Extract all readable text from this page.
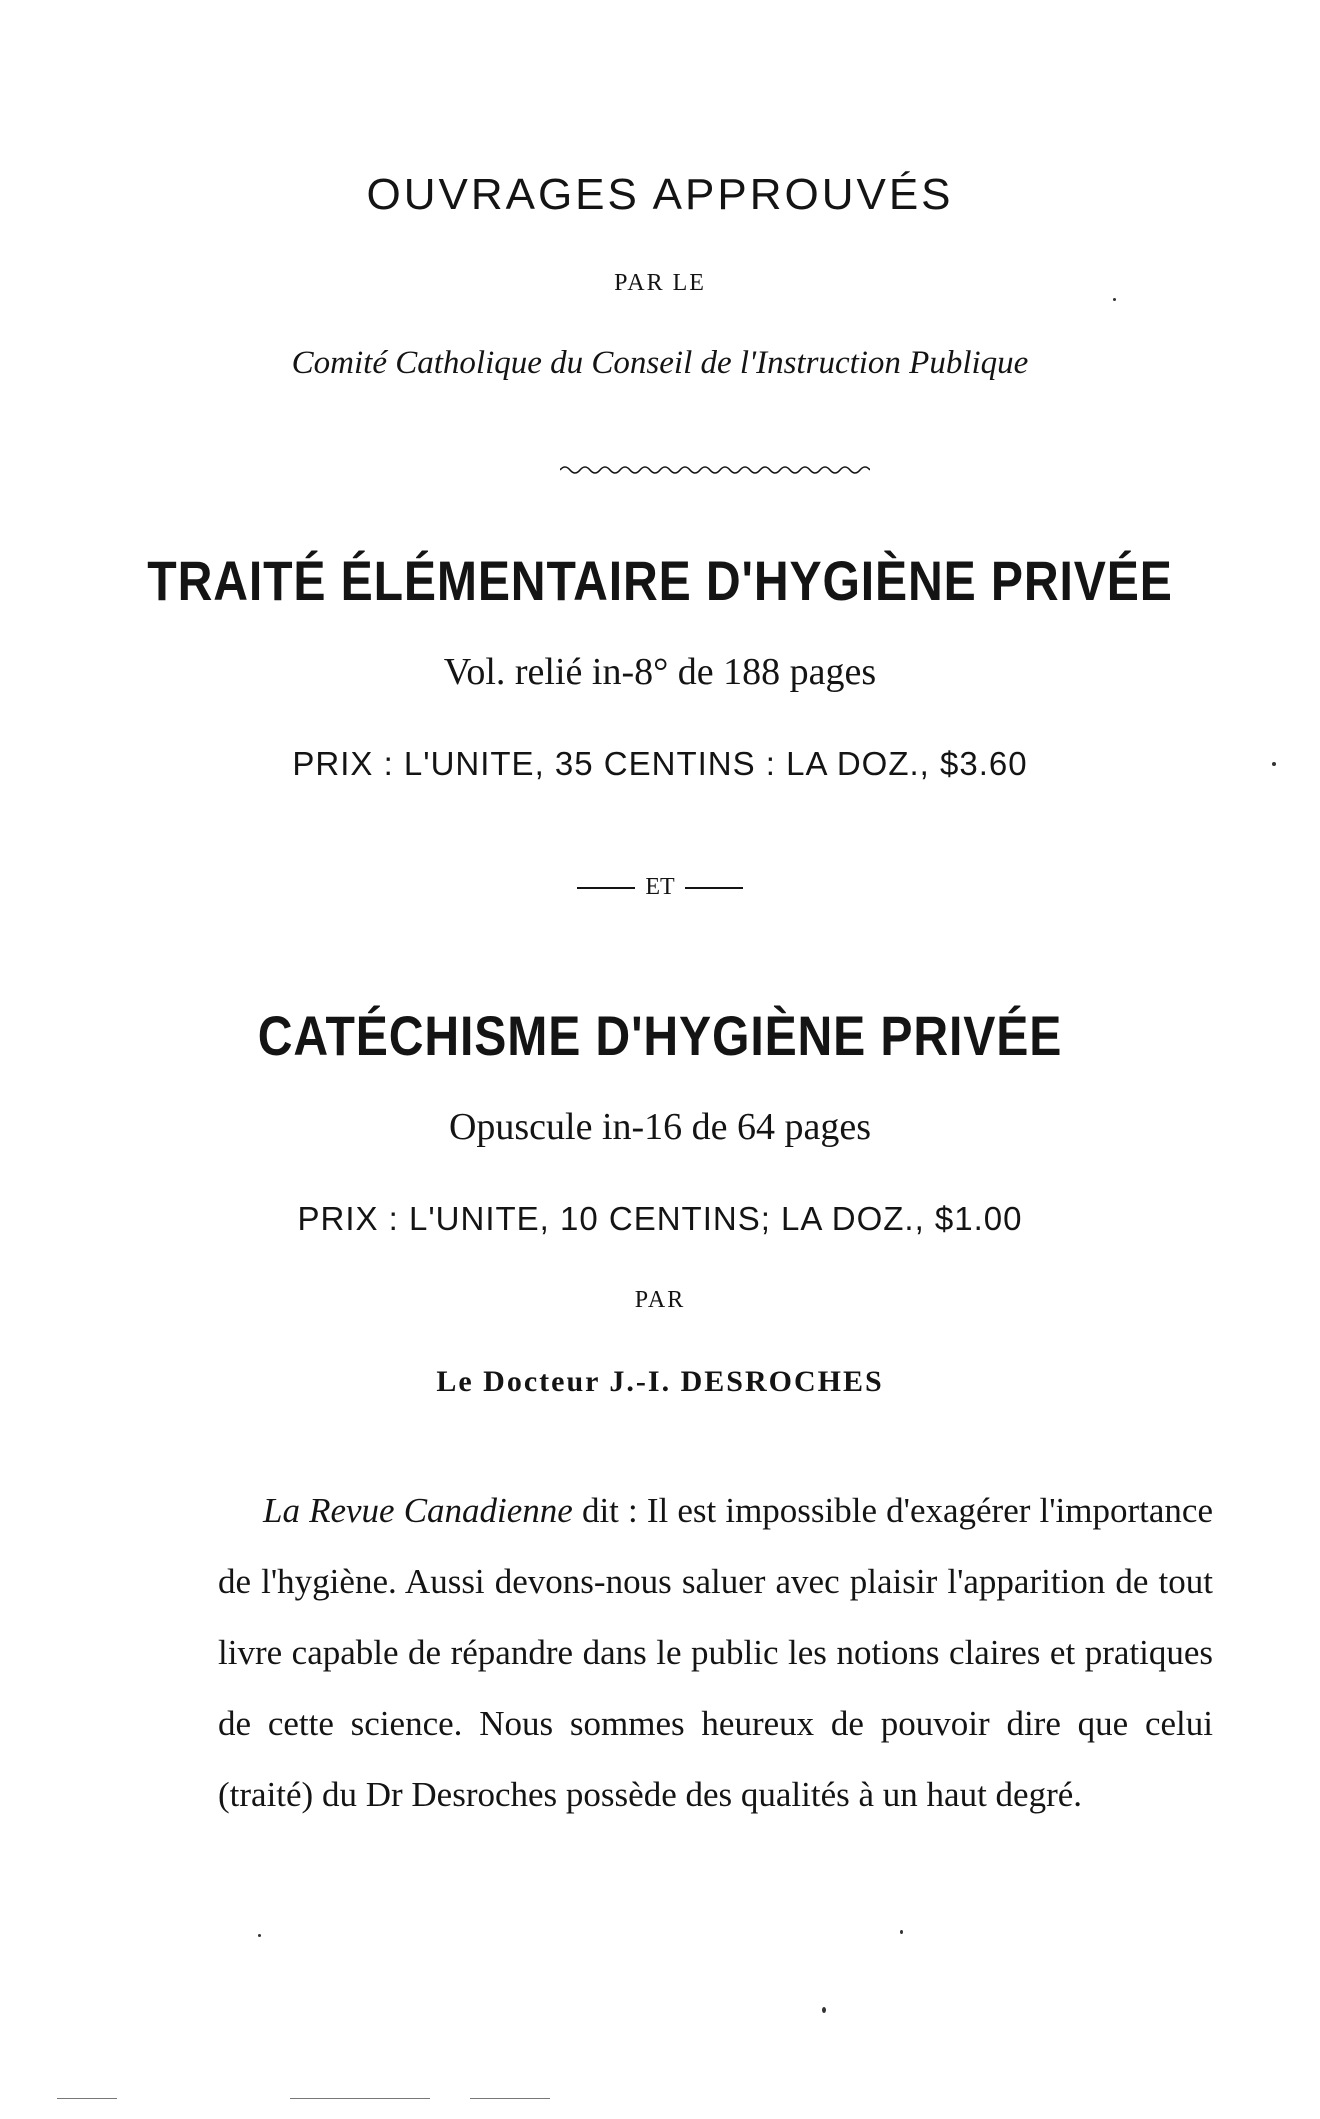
OUVRAGES APPROUVÉS
PAR LE
Comité Catholique du Conseil de l'Instruction Publique
TRAITÉ ÉLÉMENTAIRE D'HYGIÈNE PRIVÉE
Vol. relié in-8° de 188 pages
PRIX : L'UNITE, 35 CENTINS : LA DOZ., $3.60
ET
CATÉCHISME D'HYGIÈNE PRIVÉE
Opuscule in-16 de 64 pages
PRIX : L'UNITE, 10 CENTINS; LA DOZ., $1.00
PAR
Le Docteur J.-I. DESROCHES

La Revue Canadienne dit : Il est impossible d'exagérer l'importance de l'hygiène. Aussi devons-nous saluer avec plaisir l'apparition de tout livre capable de répandre dans le public les notions claires et pratiques de cette science. Nous sommes heureux de pouvoir dire que celui (traité) du Dr Desroches possède des qualités à un haut degré.
